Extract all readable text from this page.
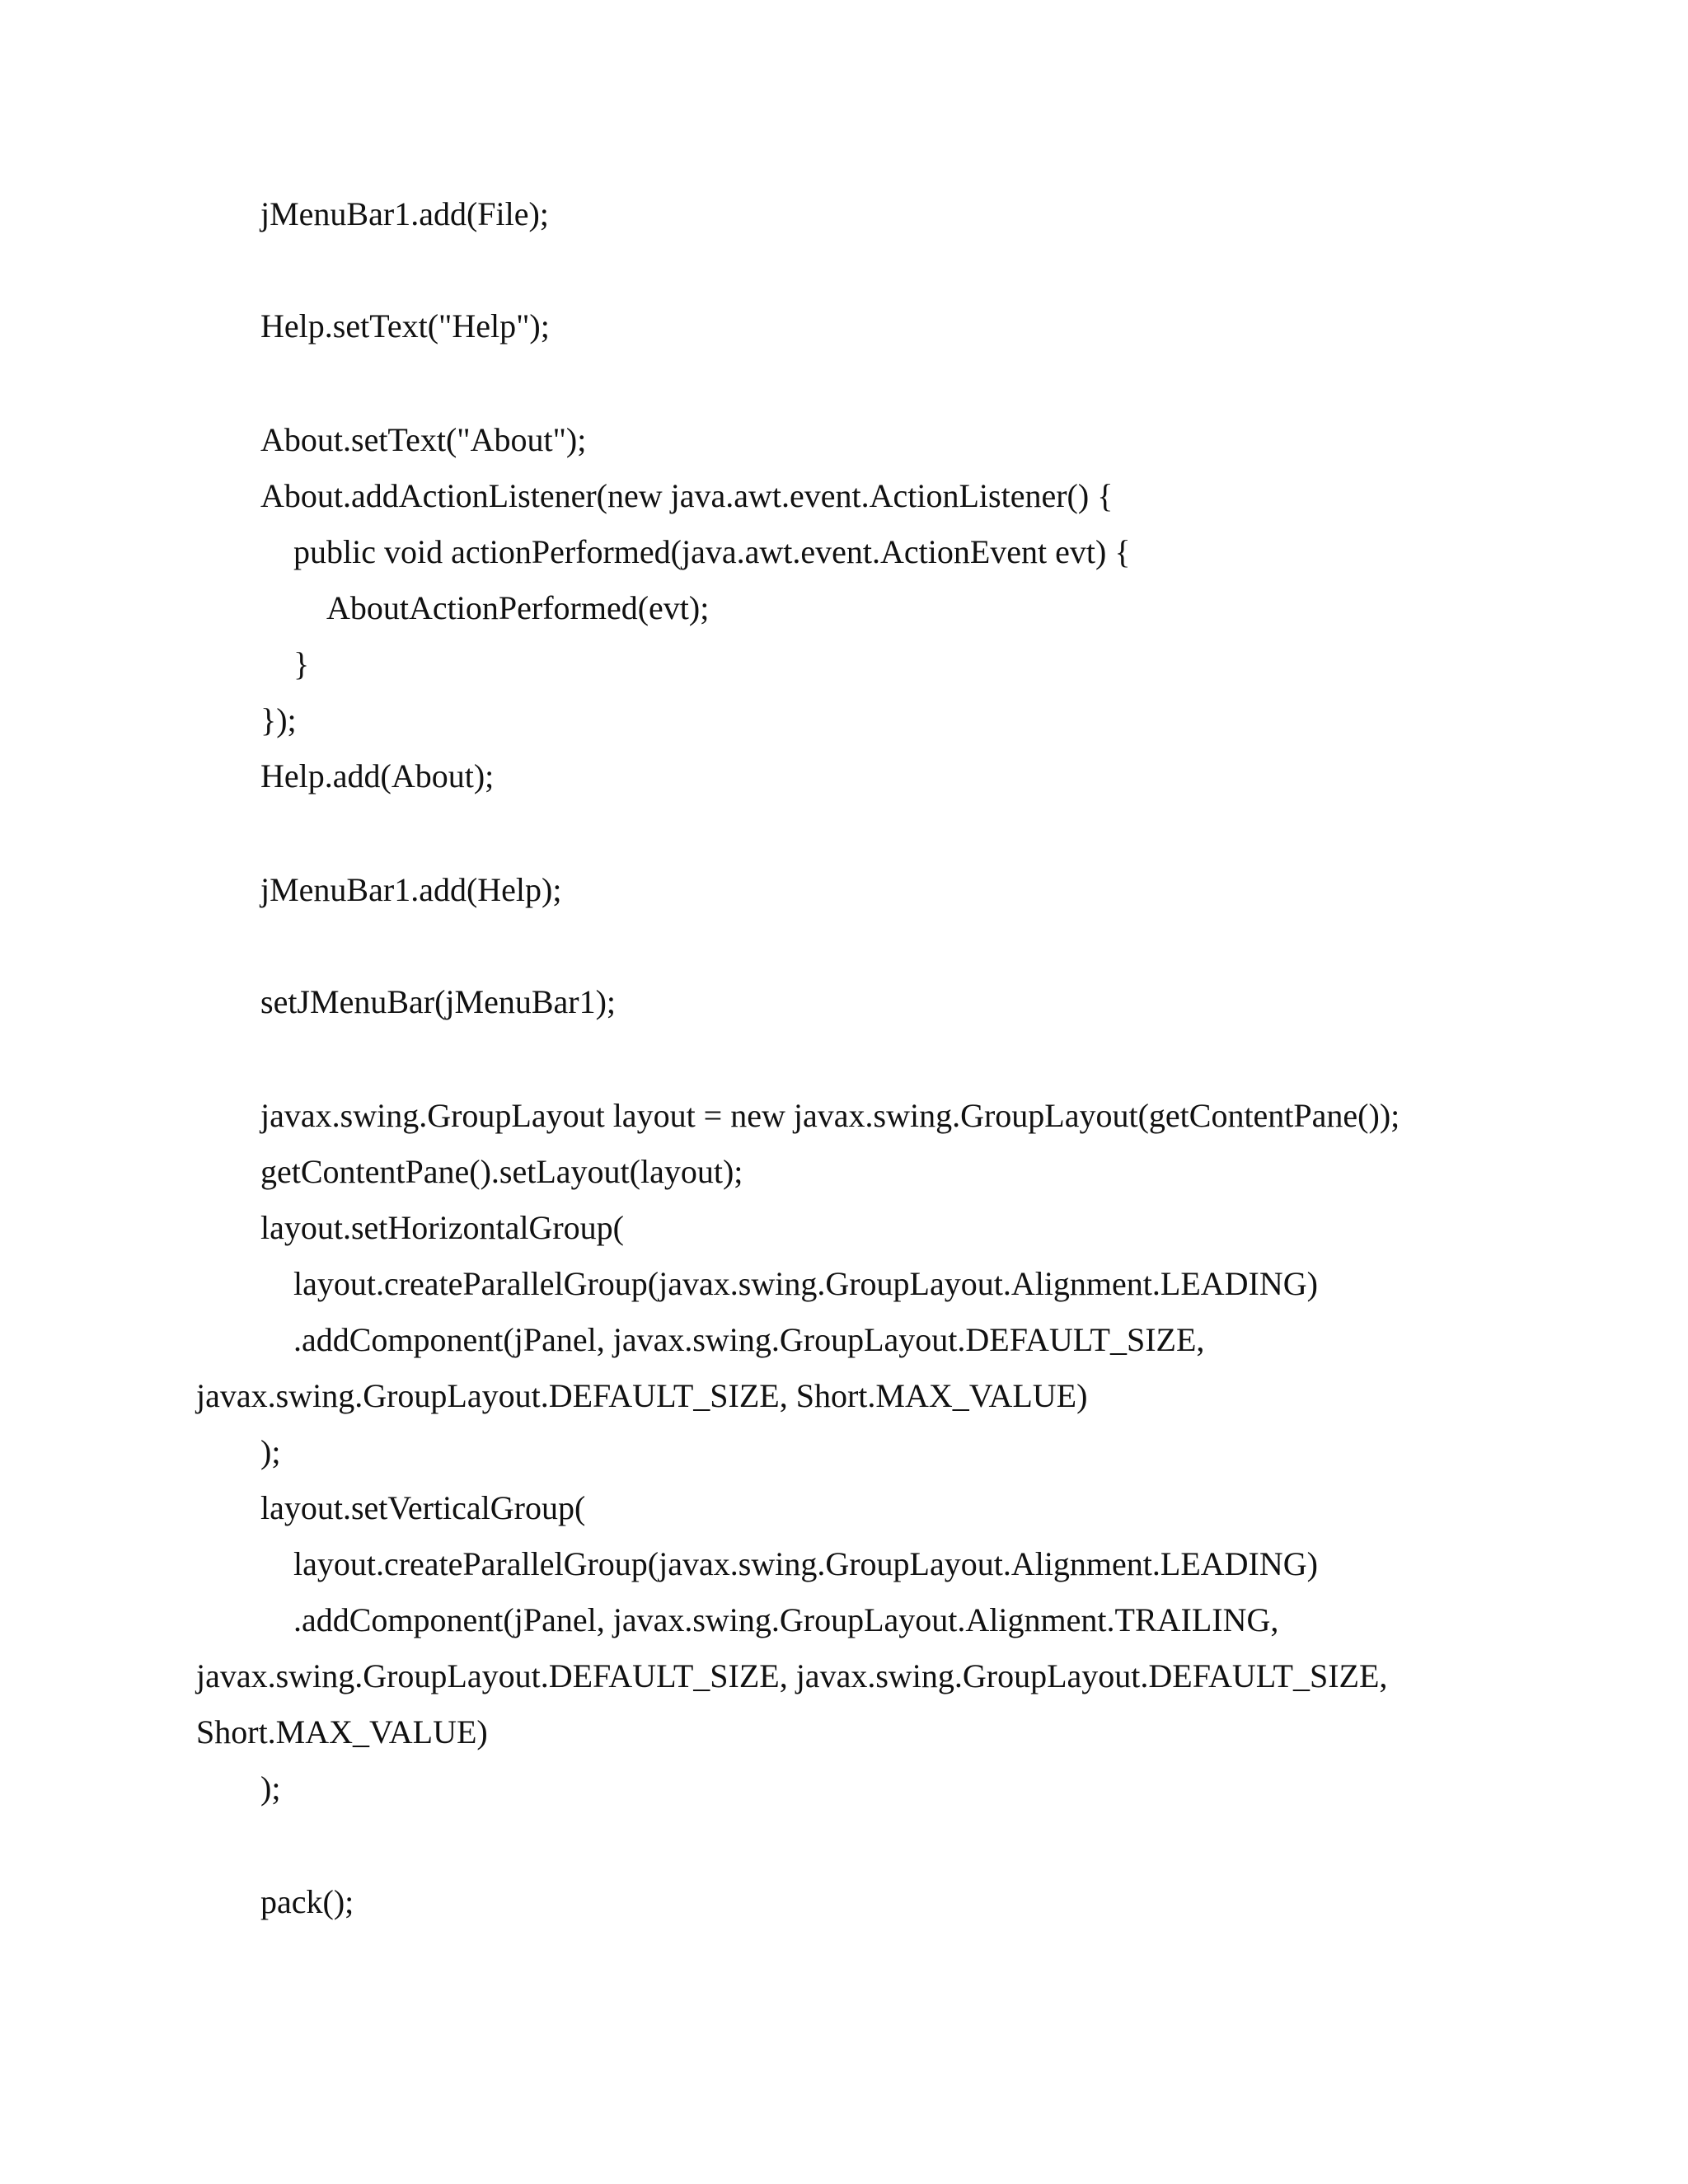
jMenuBar1.add(File);
Help.setText("Help");
About.setText("About");
About.addActionListener(new java.awt.event.ActionListener() {
public void actionPerformed(java.awt.event.ActionEvent evt) {
AboutActionPerformed(evt);
}
});
Help.add(About);
jMenuBar1.add(Help);
setJMenuBar(jMenuBar1);
javax.swing.GroupLayout layout = new javax.swing.GroupLayout(getContentPane());
getContentPane().setLayout(layout);
layout.setHorizontalGroup(
layout.createParallelGroup(javax.swing.GroupLayout.Alignment.LEADING)
.addComponent(jPanel, javax.swing.GroupLayout.DEFAULT_SIZE,
javax.swing.GroupLayout.DEFAULT_SIZE, Short.MAX_VALUE)
);
layout.setVerticalGroup(
layout.createParallelGroup(javax.swing.GroupLayout.Alignment.LEADING)
.addComponent(jPanel, javax.swing.GroupLayout.Alignment.TRAILING,
javax.swing.GroupLayout.DEFAULT_SIZE, javax.swing.GroupLayout.DEFAULT_SIZE,
Short.MAX_VALUE)
);
pack();
